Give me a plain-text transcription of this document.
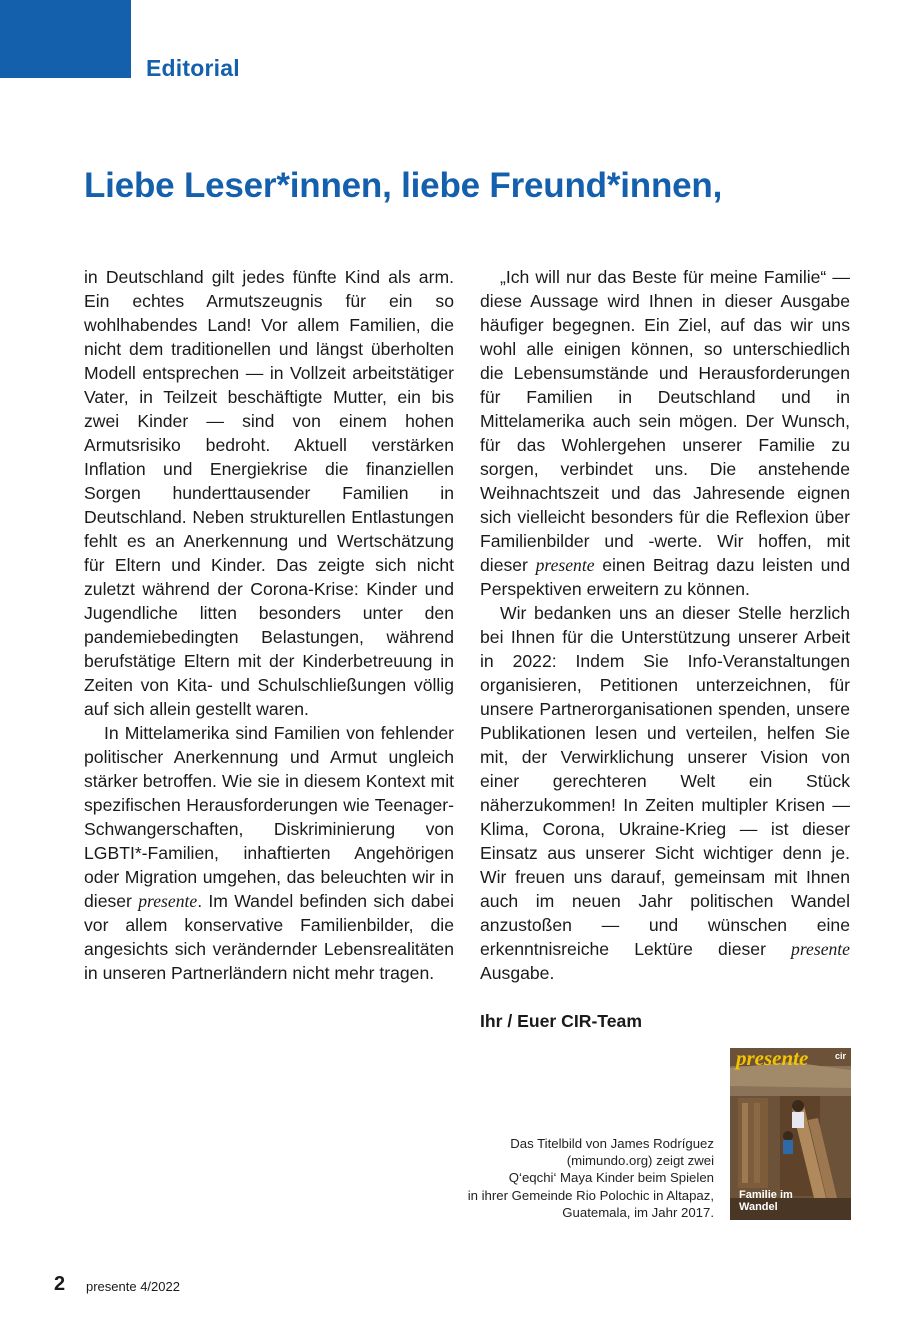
Editorial
Liebe Leser*innen, liebe Freund*innen,

in Deutschland gilt jedes fünfte Kind als arm. Ein echtes Armutszeugnis für ein so wohlhabendes Land! Vor allem Familien, die nicht dem traditionellen und längst überholten Modell entsprechen — in Vollzeit arbeitstätiger Vater, in Teilzeit beschäftigte Mutter, ein bis zwei Kinder — sind von einem hohen Armutsrisiko bedroht. Aktuell verstärken Inflation und Energiekrise die finanziellen Sorgen hunderttausender Familien in Deutschland. Neben strukturellen Entlastungen fehlt es an Anerkennung und Wertschätzung für Eltern und Kinder. Das zeigte sich nicht zuletzt während der Corona-Krise: Kinder und Jugendliche litten besonders unter den pandemiebedingten Belastungen, während berufstätige Eltern mit der Kinderbetreuung in Zeiten von Kita- und Schulschließungen völlig auf sich allein gestellt waren.

In Mittelamerika sind Familien von fehlender politischer Anerkennung und Armut ungleich stärker betroffen. Wie sie in diesem Kontext mit spezifischen Herausforderungen wie Teenager-Schwangerschaften, Diskriminierung von LGBTI*-Familien, inhaftierten Angehörigen oder Migration umgehen, das beleuchten wir in dieser presente. Im Wandel befinden sich dabei vor allem konservative Familienbilder, die angesichts sich verändernder Lebensrealitäten in unseren Partnerländern nicht mehr tragen.

„Ich will nur das Beste für meine Familie“ — diese Aussage wird Ihnen in dieser Ausgabe häufiger begegnen. Ein Ziel, auf das wir uns wohl alle einigen können, so unterschiedlich die Lebensumstände und Herausforderungen für Familien in Deutschland und in Mittelamerika auch sein mögen. Der Wunsch, für das Wohlergehen unserer Familie zu sorgen, verbindet uns. Die anstehende Weihnachtszeit und das Jahresende eignen sich vielleicht besonders für die Reflexion über Familienbilder und -werte. Wir hoffen, mit dieser presente einen Beitrag dazu leisten und Perspektiven erweitern zu können.

Wir bedanken uns an dieser Stelle herzlich bei Ihnen für die Unterstützung unserer Arbeit in 2022: Indem Sie Info-Veranstaltungen organisieren, Petitionen unterzeichnen, für unsere Partnerorganisationen spenden, unsere Publikationen lesen und verteilen, helfen Sie mit, der Verwirklichung unserer Vision von einer gerechteren Welt ein Stück näherzukommen! In Zeiten multipler Krisen — Klima, Corona, Ukraine-Krieg — ist dieser Einsatz aus unserer Sicht wichtiger denn je. Wir freuen uns darauf, gemeinsam mit Ihnen auch im neuen Jahr politischen Wandel anzustoßen — und wünschen eine erkenntnisreiche Lektüre dieser presente Ausgabe.

Ihr / Euer CIR-Team

Das Titelbild von James Rodríguez
(mimundo.org) zeigt zwei
Q‘eqchi‘ Maya Kinder beim Spielen
in ihrer Gemeinde Rio Polochic in Altapaz,
Guatemala, im Jahr 2017.
presente	cir
Familie im
Wandel
2 presente 4/2022
